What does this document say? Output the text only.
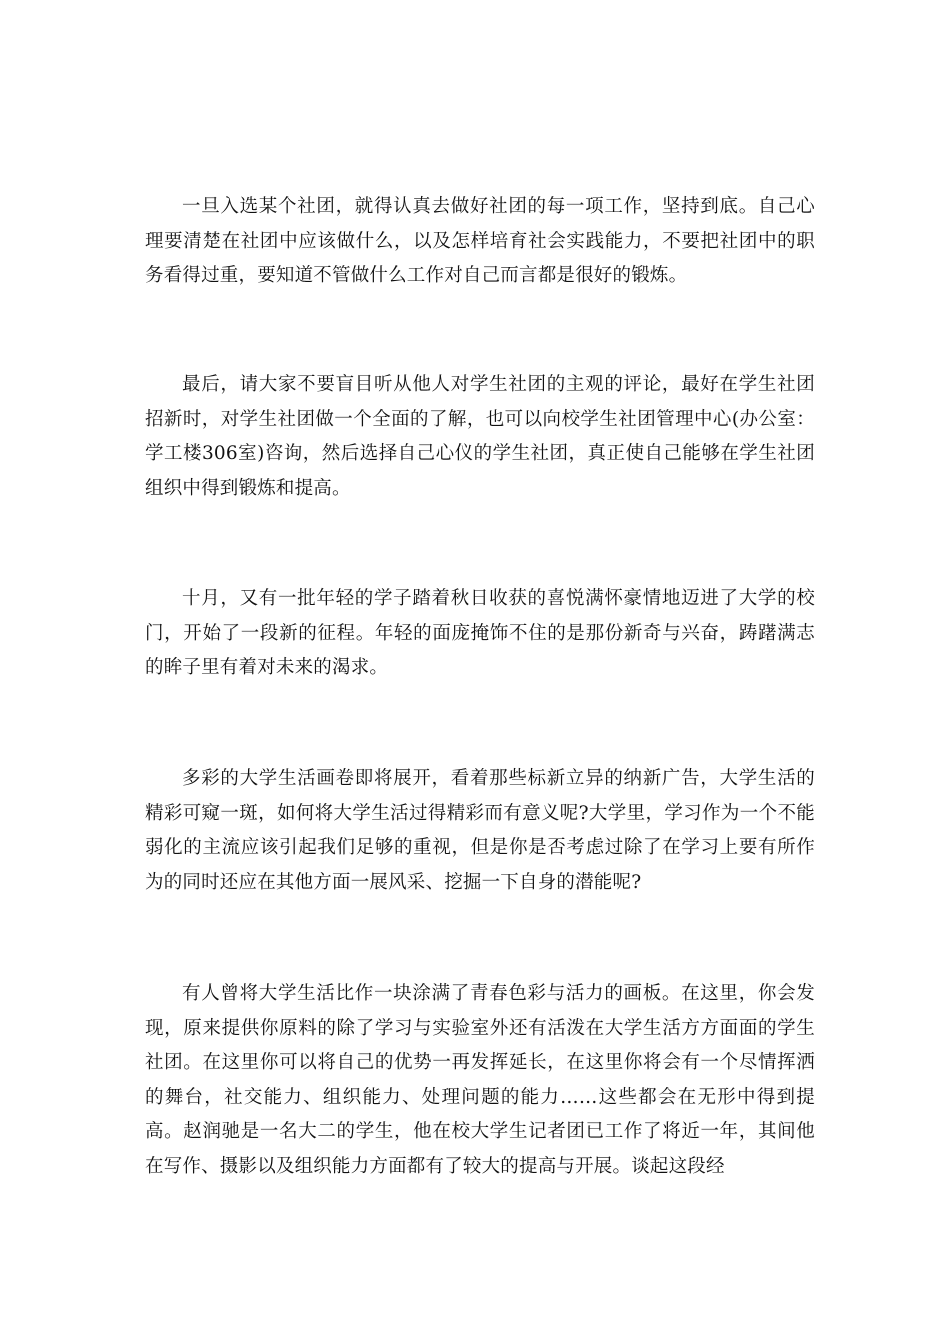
一旦入选某个社团，就得认真去做好社团的每一项工作，坚持到底。自己心理要清楚在社团中应该做什么，以及怎样培育社会实践能力，不要把社团中的职务看得过重，要知道不管做什么工作对自己而言都是很好的锻炼。

最后，请大家不要盲目听从他人对学生社团的主观的评论，最好在学生社团招新时，对学生社团做一个全面的了解，也可以向校学生社团管理中心(办公室：学工楼306室)咨询，然后选择自己心仪的学生社团，真正使自己能够在学生社团组织中得到锻炼和提高。

十月，又有一批年轻的学子踏着秋日收获的喜悦满怀豪情地迈进了大学的校门，开始了一段新的征程。年轻的面庞掩饰不住的是那份新奇与兴奋，踌躇满志的眸子里有着对未来的渴求。

多彩的大学生活画卷即将展开，看着那些标新立异的纳新广告，大学生活的精彩可窥一斑，如何将大学生活过得精彩而有意义呢?大学里，学习作为一个不能弱化的主流应该引起我们足够的重视，但是你是否考虑过除了在学习上要有所作为的同时还应在其他方面一展风采、挖掘一下自身的潜能呢?

有人曾将大学生活比作一块涂满了青春色彩与活力的画板。在这里，你会发现，原来提供你原料的除了学习与实验室外还有活泼在大学生活方方面面的学生社团。在这里你可以将自己的优势一再发挥延长，在这里你将会有一个尽情挥洒的舞台，社交能力、组织能力、处理问题的能力……这些都会在无形中得到提高。赵润驰是一名大二的学生，他在校大学生记者团已工作了将近一年，其间他在写作、摄影以及组织能力方面都有了较大的提高与开展。谈起这段经
